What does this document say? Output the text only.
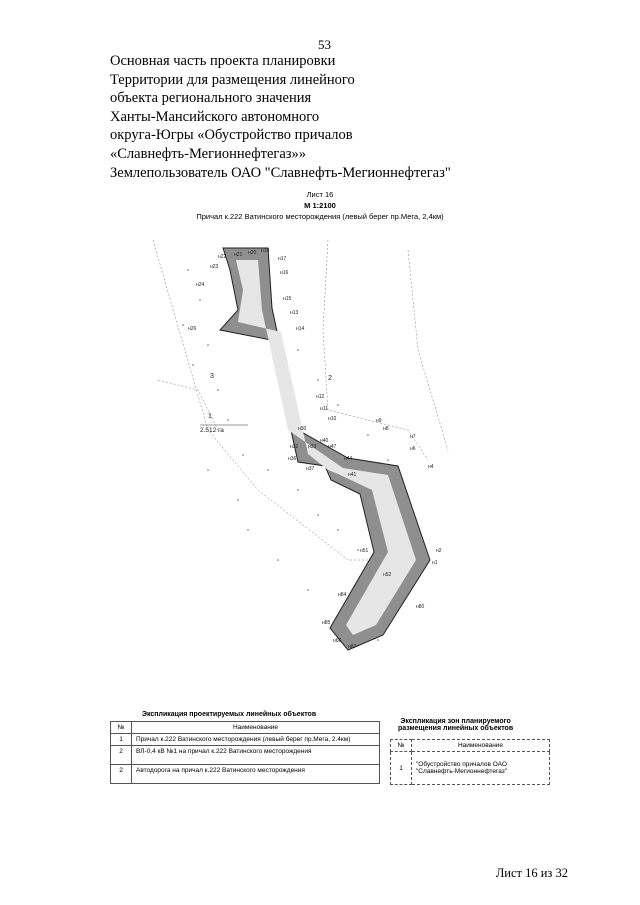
53
Основная часть проекта планировки
Территории для размещения линейного
объекта регионального значения
Ханты-Мансийского автономного
округа-Югры «Обустройство причалов
«Славнефть-Мегионнефтегаз»»
Землепользователь ОАО "Славнефть-Мегионнефтегаз"
Лист 16
М 1:2100
Причал к.222 Ватинского месторождения (левый берег пр.Мега, 2,4км)
н22 н21 н20 н19
н17
н23
н16
н24
н15
н13
н14
н26
н12
н11
н10	н9
н8
н7
н6
н4
н2
н1
н30
н32 н33
н36
н37
н40
н47
н44
н41
н51
н52
н80
н84
н85
н87
н66
3	2
1
2.512 га
Экспликация проектируемых линейных объектов
№	Наименование
1	Причал к.222 Ватинского месторождения (левый берег пр.Мега, 2.4км)
2	ВЛ-0,4 кВ №1 на причал к.222 Ватинского месторождения
2	Автодорога на причал к.222 Ватинского месторождения
Экспликация зон планируемого
размещения линейных объектов
№	Наименование
1	"Обустройство причалов ОАО "Славнефть-Мегионнефтегаз"
Лист 16 из 32
